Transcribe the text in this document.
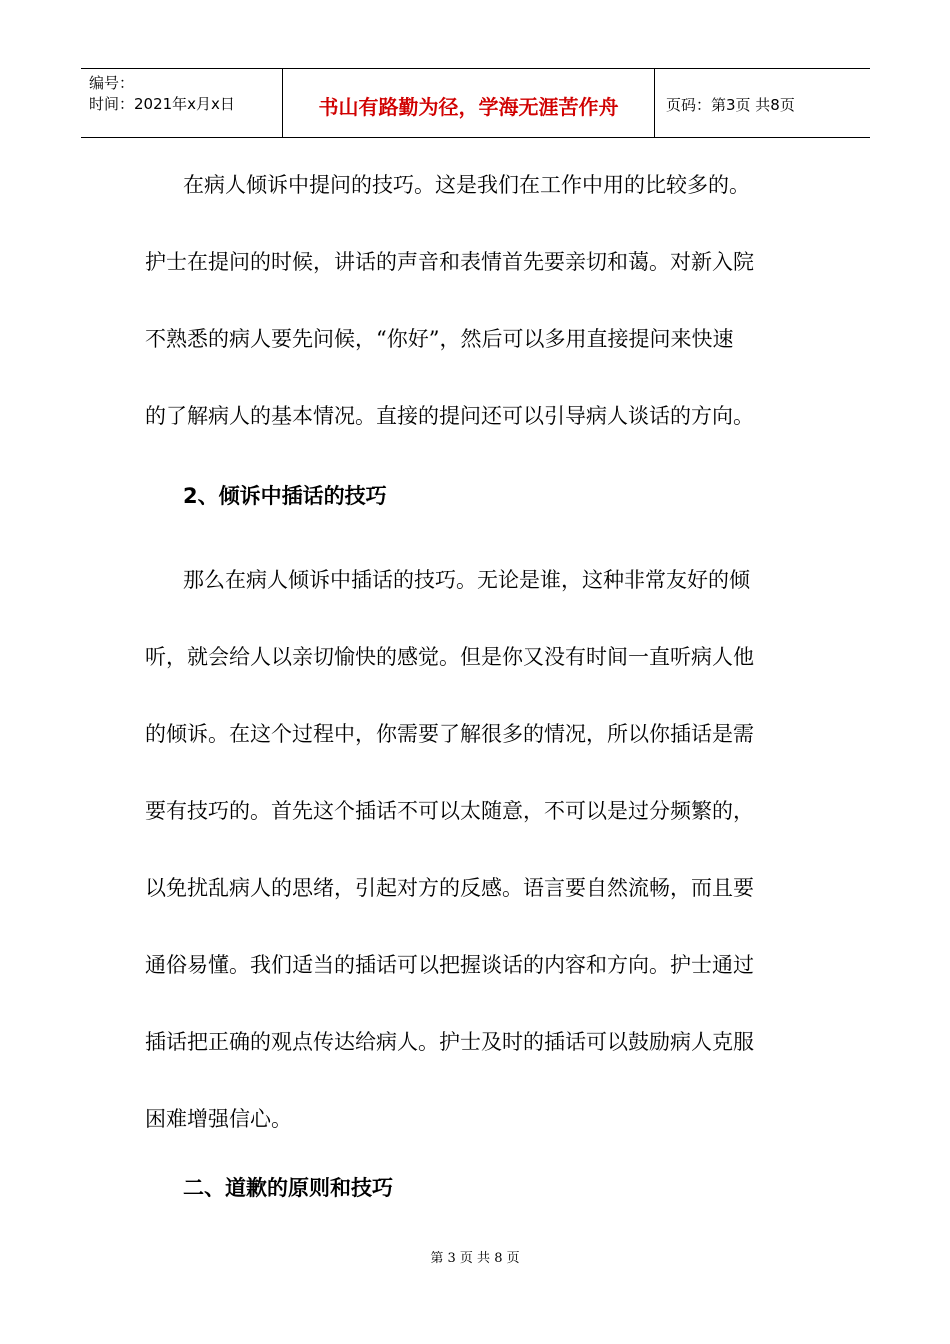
编号：
时间：2021年x月x日	书山有路勤为径，学海无涯苦作舟	页码：第3页 共8页
在病人倾诉中提问的技巧。这是我们在工作中用的比较多的。
护士在提问的时候，讲话的声音和表情首先要亲切和蔼。对新入院
不熟悉的病人要先问候，“你好”，然后可以多用直接提问来快速
的了解病人的基本情况。直接的提问还可以引导病人谈话的方向。
2、倾诉中插话的技巧
那么在病人倾诉中插话的技巧。无论是谁，这种非常友好的倾
听，就会给人以亲切愉快的感觉。但是你又没有时间一直听病人他
的倾诉。在这个过程中，你需要了解很多的情况，所以你插话是需
要有技巧的。首先这个插话不可以太随意，不可以是过分频繁的，
以免扰乱病人的思绪，引起对方的反感。语言要自然流畅，而且要
通俗易懂。我们适当的插话可以把握谈话的内容和方向。护士通过
插话把正确的观点传达给病人。护士及时的插话可以鼓励病人克服
困难增强信心。
二、道歉的原则和技巧
第 3 页 共 8 页
